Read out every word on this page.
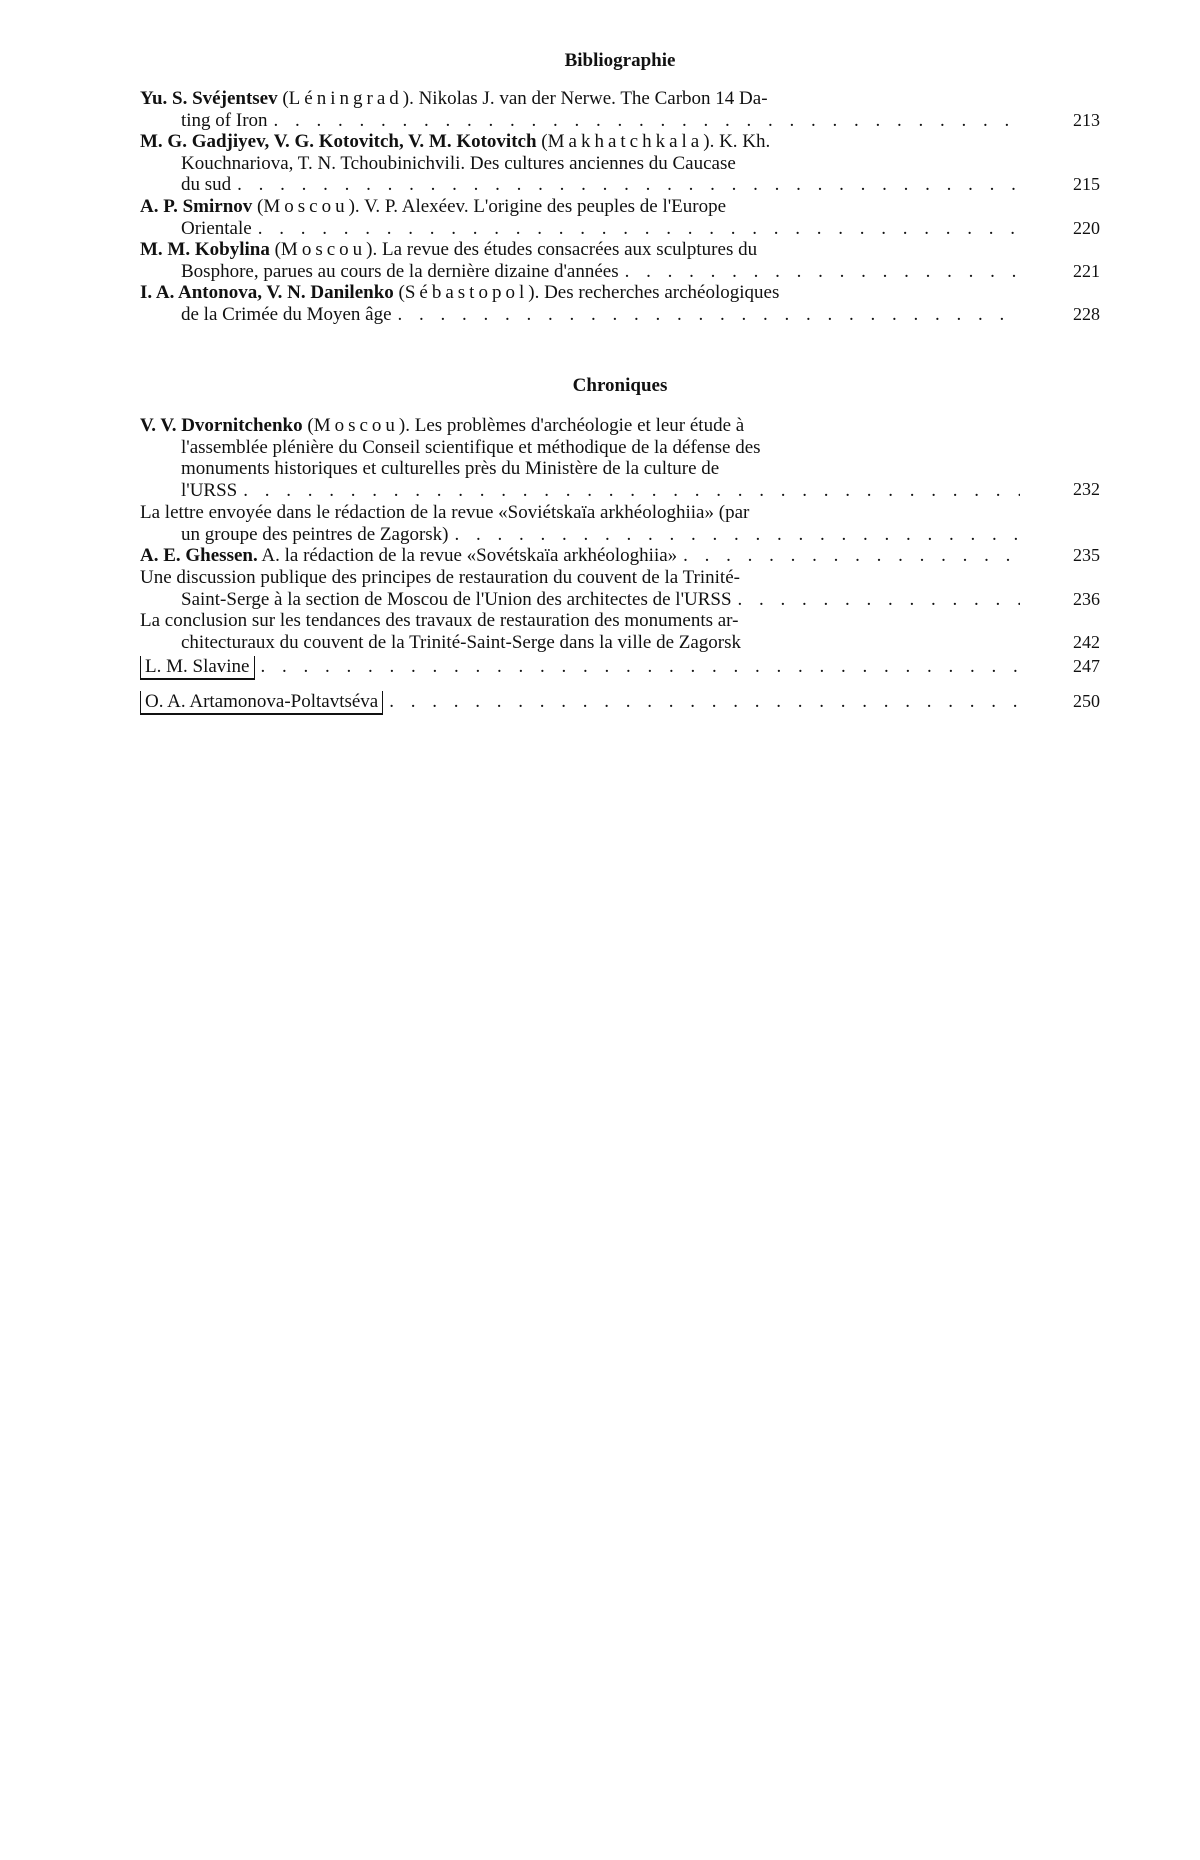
Bibliographie
Yu. S. Svéjentsev (Léningrad). Nikolas J. van der Nerwe. The Carbon 14 Da-
ting of Iron . . .	213
M. G. Gadjiyev, V. G. Kotovitch, V. M. Kotovitch (Makhatchkala). K. Kh.
Kouchnariova, T. N. Tchoubinichvili. Des cultures anciennes du Caucase
du sud . . .	215
A. P. Smirnov (Moscou). V. P. Alexéev. L'origine des peuples de l'Europe
Orientale . . .	220
M. M. Kobylina (Moscou). La revue des études consacrées aux sculptures du
Bosphore, parues au cours de la dernière dizaine d'années . . .	221
I. A. Antonova, V. N. Danilenko (Sébastopol). Des recherches archéologiques
de la Crimée du Moyen âge . . .	228
Chroniques
V. V. Dvornitchenko (Moscou). Les problèmes d'archéologie et leur étude à
l'assemblée plénière du Conseil scientifique et méthodique de la défense des
monuments historiques et culturelles près du Ministère de la culture de
l'URSS . . .	232
La lettre envoyée dans le rédaction de la revue «Soviétskaïa arkhéologhiia» (par
un groupe des peintres de Zagorsk)
. . .
A. E. Ghessen. A. la rédaction de la revue «Sovétskaïa arkhéologhiia» . . .	235
Une discussion publique des principes de restauration du couvent de la Trinité-
Saint-Serge à la section de Moscou de l'Union des architectes de l'URSS . . .	236
La conclusion sur les tendances des travaux de restauration des monuments ar-
chitecturaux du couvent de la Trinité-Saint-Serge dans la ville de Zagorsk	242
L. M. Slavine . . .	247
O. A. Artamonova-Poltavtséva . . .	250
